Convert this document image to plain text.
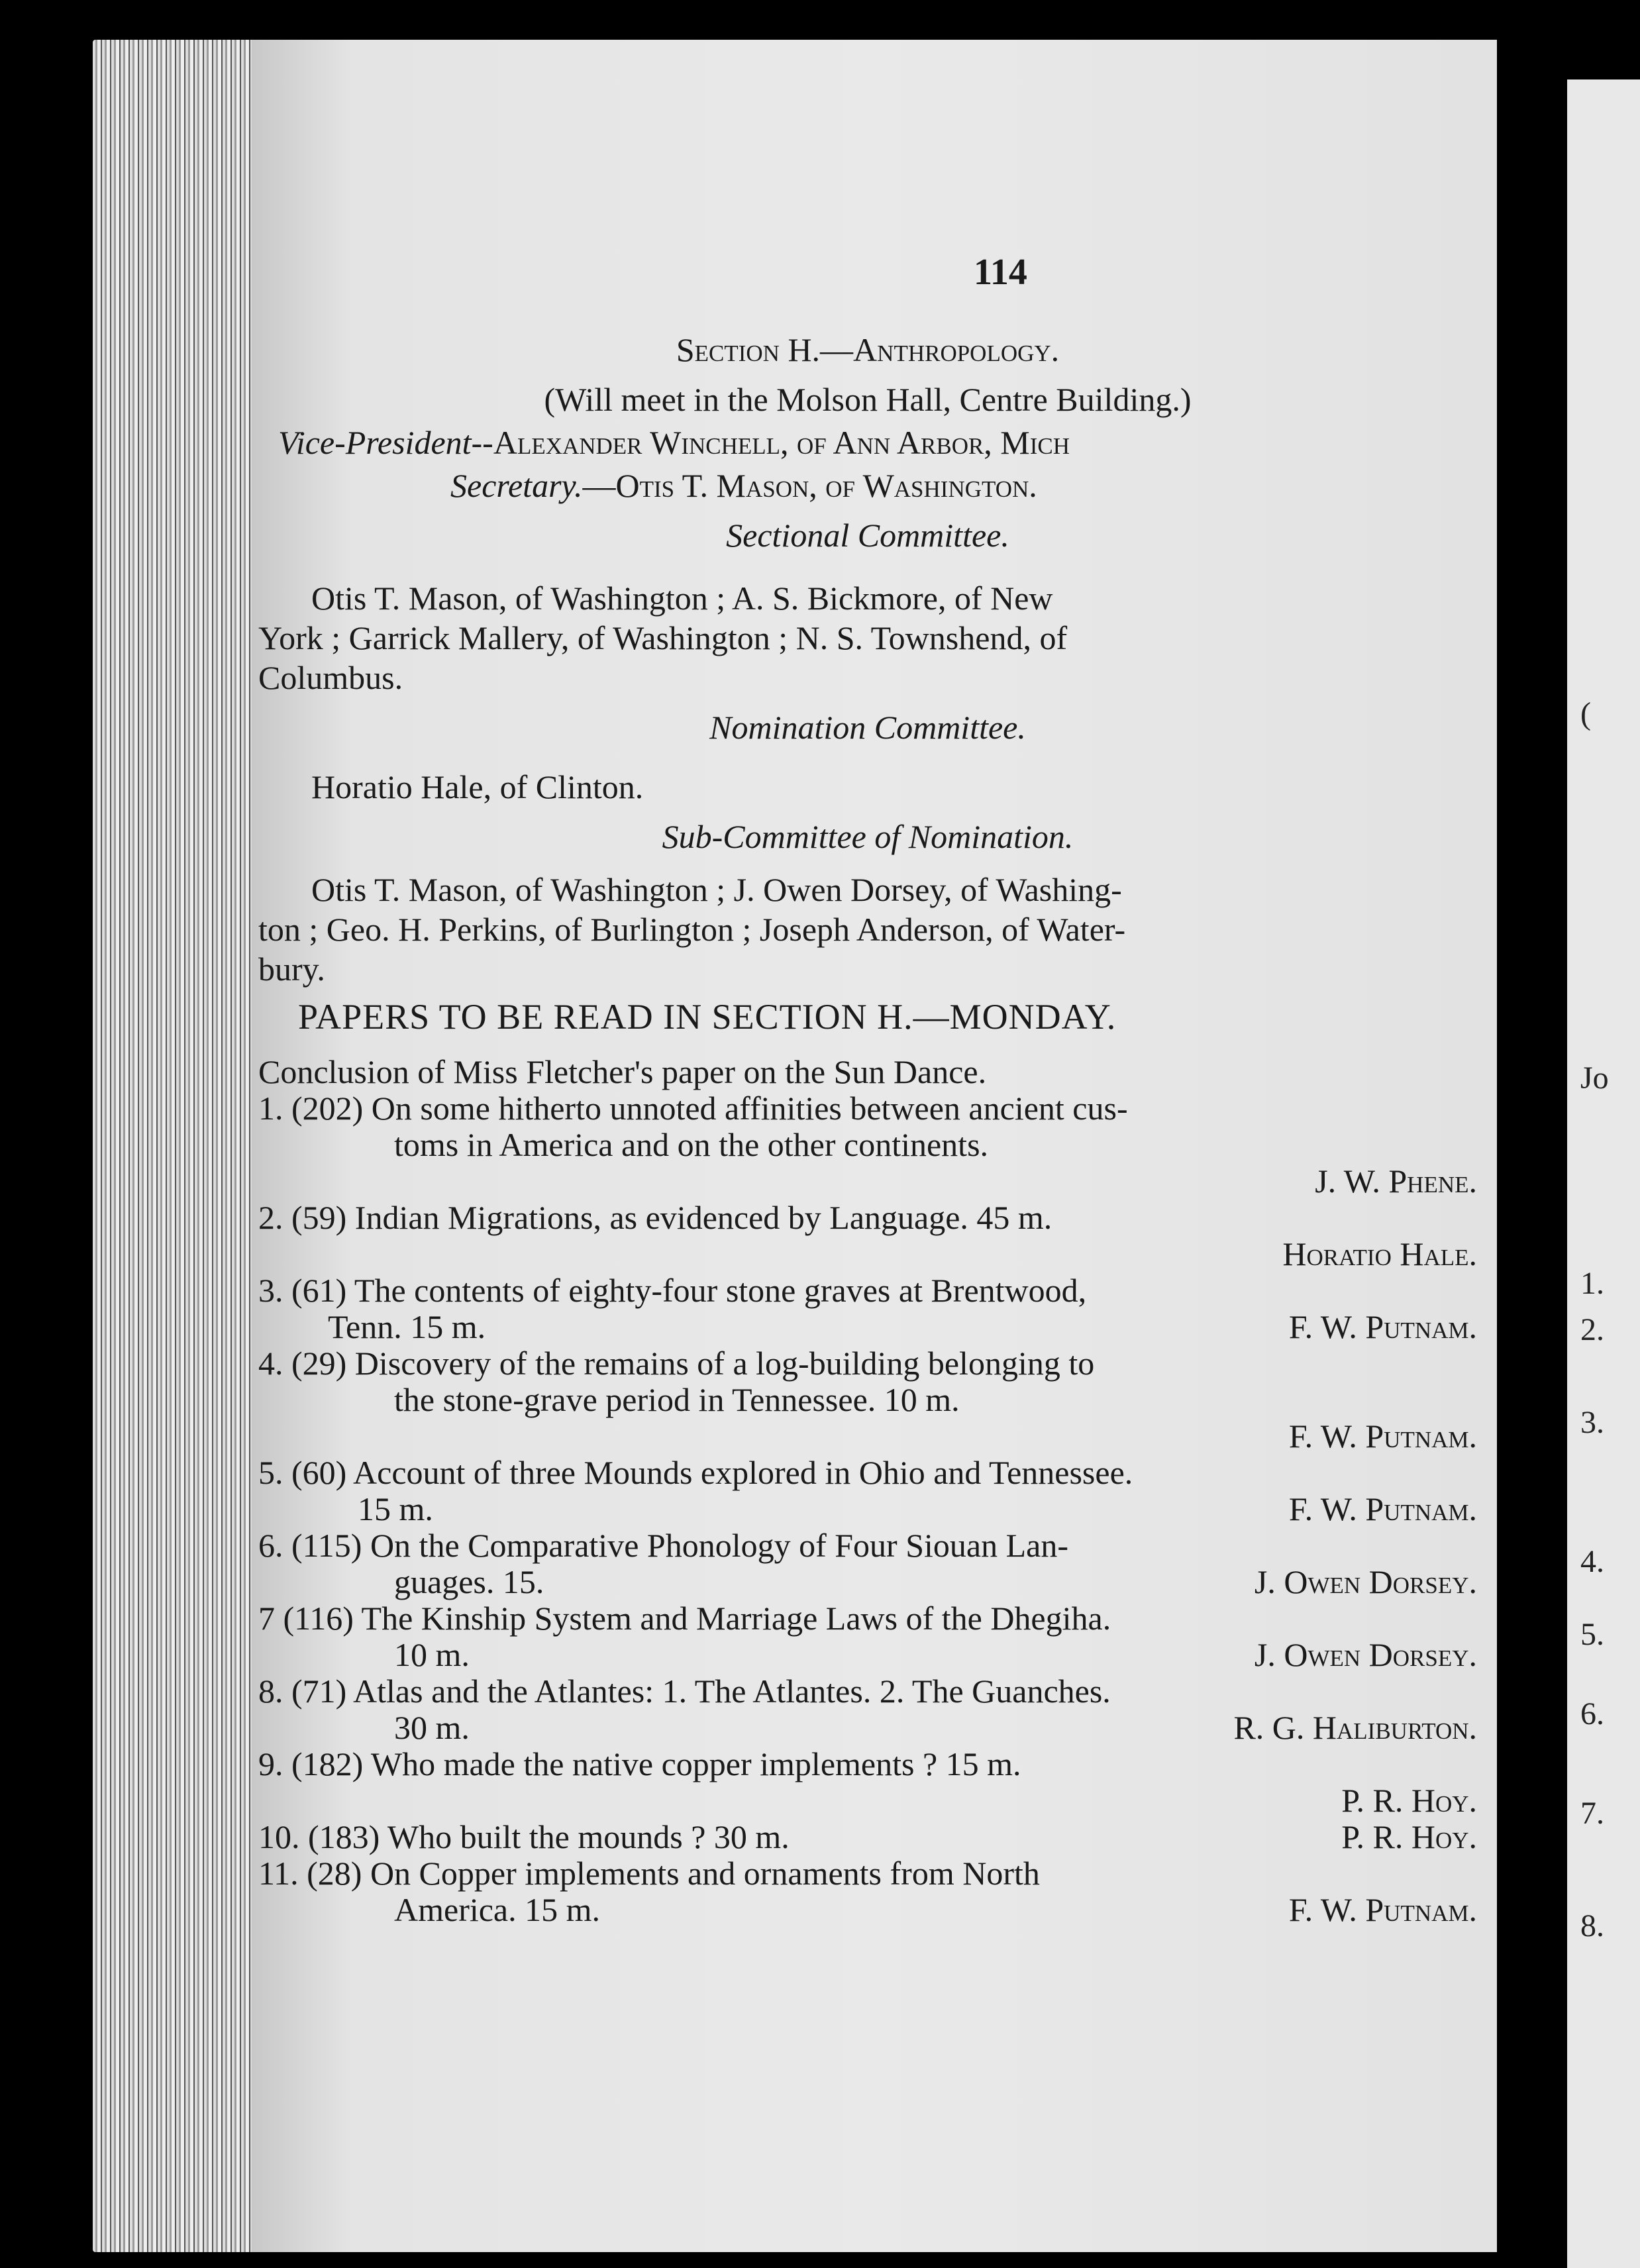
(
Jo
1.
2.
3.
4.
5.
6.
7.
8.
114
Section H.—Anthropology.
(Will meet in the Molson Hall, Centre Building.)
Vice-President--Alexander Winchell, of Ann Arbor, Mich
Secretary.—Otis T. Mason, of Washington.
Sectional Committee.
Otis T. Mason, of Washington ; A. S. Bickmore, of New
York ; Garrick Mallery, of Washington ; N. S. Townshend, of
Columbus.
Nomination Committee.
Horatio Hale, of Clinton.
Sub-Committee of Nomination.
Otis T. Mason, of Washington ; J. Owen Dorsey, of Washing-
ton ; Geo. H. Perkins, of Burlington ; Joseph Anderson, of Water-
bury.
PAPERS TO BE READ IN SECTION H.—MONDAY.
Conclusion of Miss Fletcher's paper on the Sun Dance.
1. (202) On some hitherto unnoted affinities between ancient cus-
toms in America and on the other continents.
J. W. Phene.
2. (59) Indian Migrations, as evidenced by Language. 45 m.
Horatio Hale.
3. (61) The contents of eighty-four stone graves at Brentwood,
Tenn. 15 m.	F. W. Putnam.
4. (29) Discovery of the remains of a log-building belonging to
the stone-grave period in Tennessee. 10 m.
F. W. Putnam.
5. (60) Account of three Mounds explored in Ohio and Tennessee.
15 m.	F. W. Putnam.
6. (115) On the Comparative Phonology of Four Siouan Lan-
guages. 15.	J. Owen Dorsey.
7 (116) The Kinship System and Marriage Laws of the Dhegiha.
10 m.	J. Owen Dorsey.
8. (71) Atlas and the Atlantes: 1. The Atlantes. 2. The Guanches.
30 m.	R. G. Haliburton.
9. (182) Who made the native copper implements ? 15 m.
P. R. Hoy.
10. (183) Who built the mounds ? 30 m.	P. R. Hoy.
11. (28) On Copper implements and ornaments from North
America. 15 m.	F. W. Putnam.
